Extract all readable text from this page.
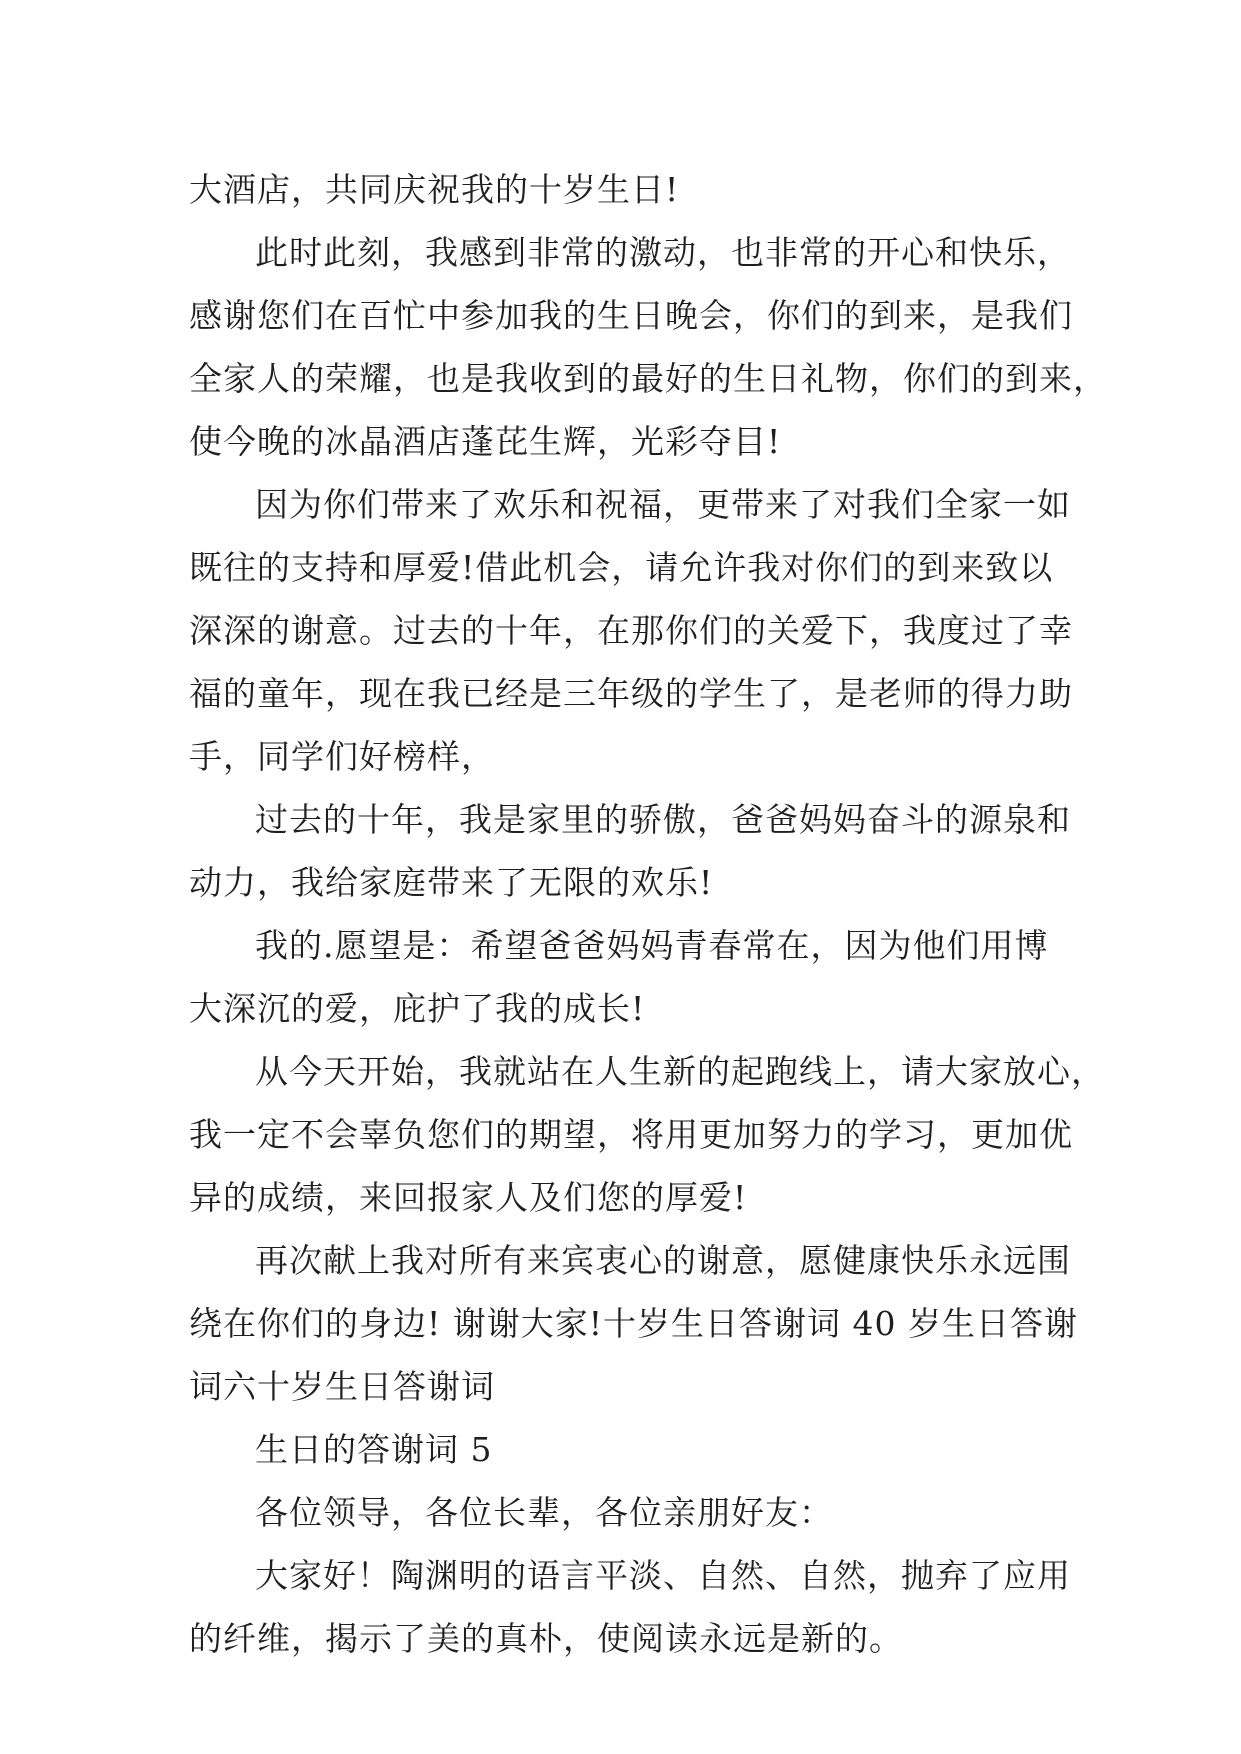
大酒店，共同庆祝我的十岁生日!
此时此刻，我感到非常的激动，也非常的开心和快乐，
感谢您们在百忙中参加我的生日晚会，你们的到来，是我们
全家人的荣耀，也是我收到的最好的生日礼物，你们的到来，
使今晚的冰晶酒店蓬芘生辉，光彩夺目!
因为你们带来了欢乐和祝福，更带来了对我们全家一如
既往的支持和厚爱!借此机会，请允许我对你们的到来致以
深深的谢意。过去的十年，在那你们的关爱下，我度过了幸
福的童年，现在我已经是三年级的学生了，是老师的得力助
手，同学们好榜样，
过去的十年，我是家里的骄傲，爸爸妈妈奋斗的源泉和
动力，我给家庭带来了无限的欢乐!
我的.愿望是：希望爸爸妈妈青春常在，因为他们用博
大深沉的爱，庇护了我的成长!
从今天开始，我就站在人生新的起跑线上，请大家放心，
我一定不会辜负您们的期望，将用更加努力的学习，更加优
异的成绩，来回报家人及们您的厚爱!
再次献上我对所有来宾衷心的谢意，愿健康快乐永远围
绕在你们的身边! 谢谢大家!十岁生日答谢词 40 岁生日答谢
词六十岁生日答谢词
生日的答谢词 5
各位领导，各位长辈，各位亲朋好友：
大家好！陶渊明的语言平淡、自然、自然，抛弃了应用
的纤维，揭示了美的真朴，使阅读永远是新的。
